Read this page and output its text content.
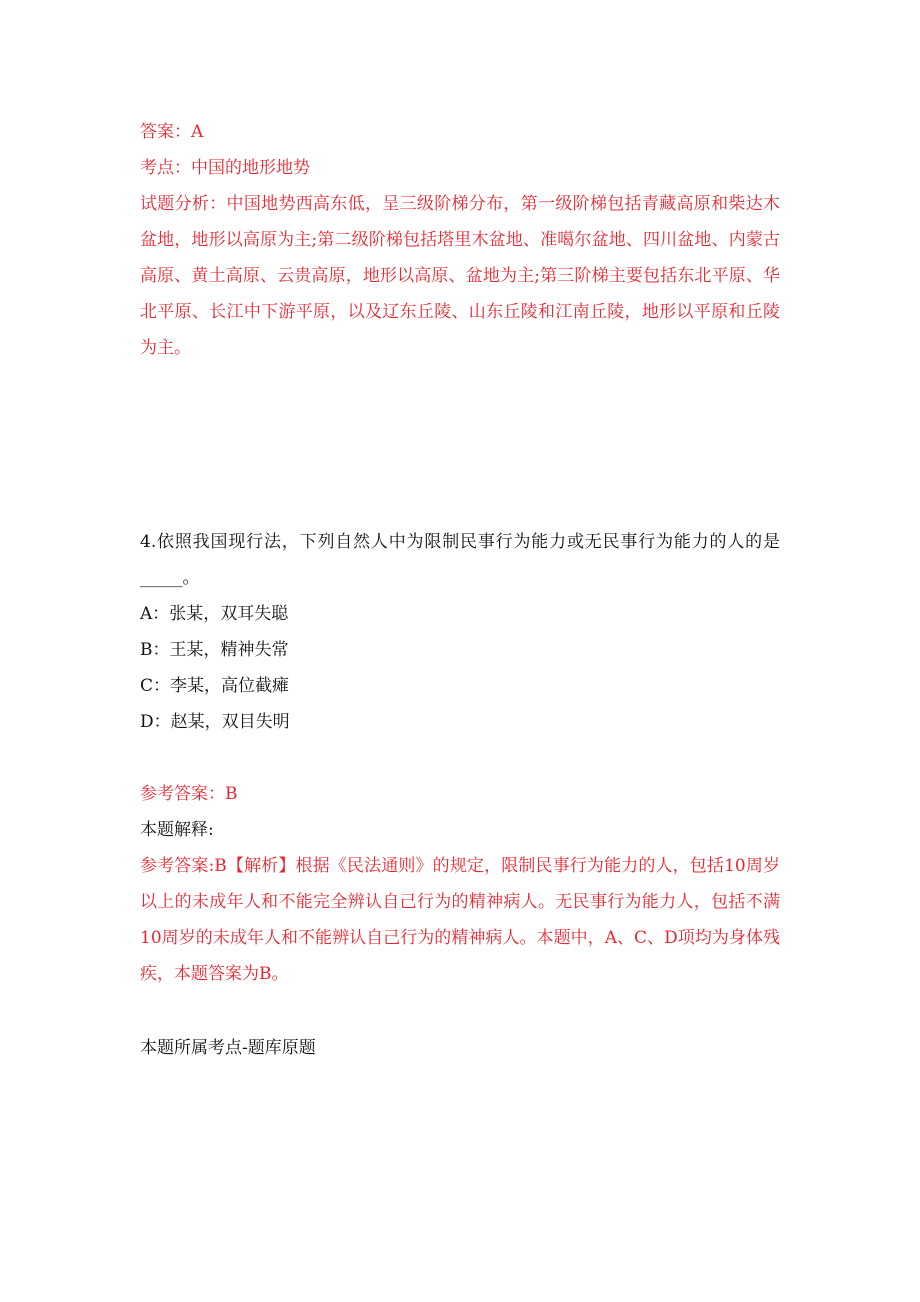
答案：A
考点：中国的地形地势
试题分析：中国地势西高东低，呈三级阶梯分布，第一级阶梯包括青藏高原和柴达木盆地，地形以高原为主;第二级阶梯包括塔里木盆地、准噶尔盆地、四川盆地、内蒙古高原、黄土高原、云贵高原，地形以高原、盆地为主;第三阶梯主要包括东北平原、华北平原、长江中下游平原，以及辽东丘陵、山东丘陵和江南丘陵，地形以平原和丘陵为主。
4.依照我国现行法，下列自然人中为限制民事行为能力或无民事行为能力的人的是_____。
A：张某，双耳失聪
B：王某，精神失常
C：李某，高位截瘫
D：赵某，双目失明
参考答案：B
本题解释:
参考答案:B【解析】根据《民法通则》的规定，限制民事行为能力的人，包括10周岁以上的未成年人和不能完全辨认自己行为的精神病人。无民事行为能力人，包括不满10周岁的未成年人和不能辨认自己行为的精神病人。本题中，A、C、D项均为身体残疾，本题答案为B。
本题所属考点-题库原题
